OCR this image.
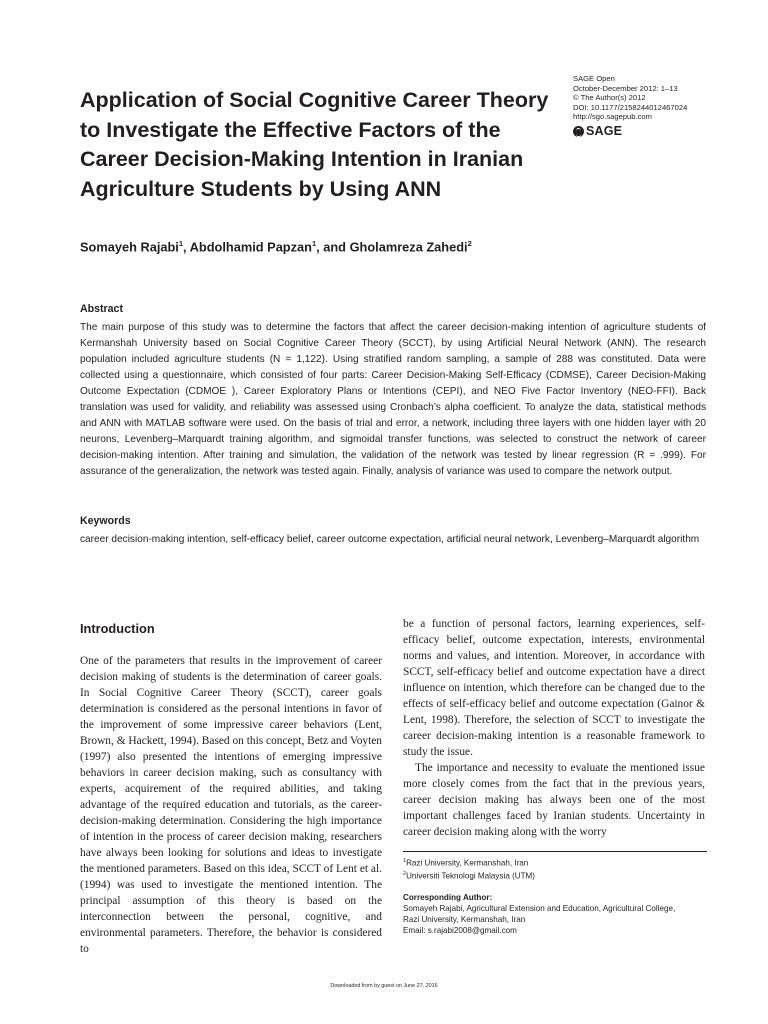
Application of Social Cognitive Career Theory to Investigate the Effective Factors of the Career Decision-Making Intention in Iranian Agriculture Students by Using ANN
SAGE Open
October-December 2012: 1–13
© The Author(s) 2012
DOI: 10.1177/2158244012467024
http://sgo.sagepub.com
SAGE
Somayeh Rajabi$^1$, Abdolhamid Papzan$^1$, and Gholamreza Zahedi$^2$
Abstract

The main purpose of this study was to determine the factors that affect the career decision-making intention of agriculture students of Kermanshah University based on Social Cognitive Career Theory (SCCT), by using Artificial Neural Network (ANN). The research population included agriculture students (N = 1,122). Using stratified random sampling, a sample of 288 was constituted. Data were collected using a questionnaire, which consisted of four parts: Career Decision-Making Self-Efficacy (CDMSE), Career Decision-Making Outcome Expectation (CDMOE ), Career Exploratory Plans or Intentions (CEPI), and NEO Five Factor Inventory (NEO-FFI). Back translation was used for validity, and reliability was assessed using Cronbach’s alpha coefficient. To analyze the data, statistical methods and ANN with MATLAB software were used. On the basis of trial and error, a network, including three layers with one hidden layer with 20 neurons, Levenberg–Marquardt training algorithm, and sigmoidal transfer functions, was selected to construct the network of career decision-making intention. After training and simulation, the validation of the network was tested by linear regression (R = .999). For assurance of the generalization, the network was tested again. Finally, analysis of variance was used to compare the network output.

Keywords

career decision-making intention, self-efficacy belief, career outcome expectation, artificial neural network, Levenberg–Marquardt algorithm

Introduction

One of the parameters that results in the improvement of career decision making of students is the determination of career goals. In Social Cognitive Career Theory (SCCT), career goals determination is considered as the personal intentions in favor of the improvement of some impressive career behaviors (Lent, Brown, & Hackett, 1994). Based on this concept, Betz and Voyten (1997) also presented the intentions of emerging impressive behaviors in career decision making, such as consultancy with experts, acquirement of the required abilities, and taking advantage of the required education and tutorials, as the career-decision-making determination. Considering the high importance of intention in the process of career decision making, researchers have always been looking for solutions and ideas to investigate the mentioned parameters. Based on this idea, SCCT of Lent et al. (1994) was used to investigate the mentioned intention. The principal assumption of this theory is based on the interconnection between the personal, cognitive, and environmental parameters. Therefore, the behavior is considered to

be a function of personal factors, learning experiences, self-efficacy belief, outcome expectation, interests, environmental norms and values, and intention. Moreover, in accordance with SCCT, self-efficacy belief and outcome expectation have a direct influence on intention, which therefore can be changed due to the effects of self-efficacy belief and outcome expectation (Gainor & Lent, 1998). Therefore, the selection of SCCT to investigate the career decision-making intention is a reasonable framework to study the issue.
The importance and necessity to evaluate the mentioned issue more closely comes from the fact that in the previous years, career decision making has always been one of the most important challenges faced by Iranian students. Uncertainty in career decision making along with the worry

$^1$Razi University, Kermanshah, Iran
$^2$Universiti Teknologi Malaysia (UTM)
Corresponding Author:
Somayeh Rajabi, Agricultural Extension and Education, Agricultural College,
Razi University, Kermanshah, Iran
Email: s.rajabi2008@gmail.com
Downloaded from by guest on June 27, 2016
